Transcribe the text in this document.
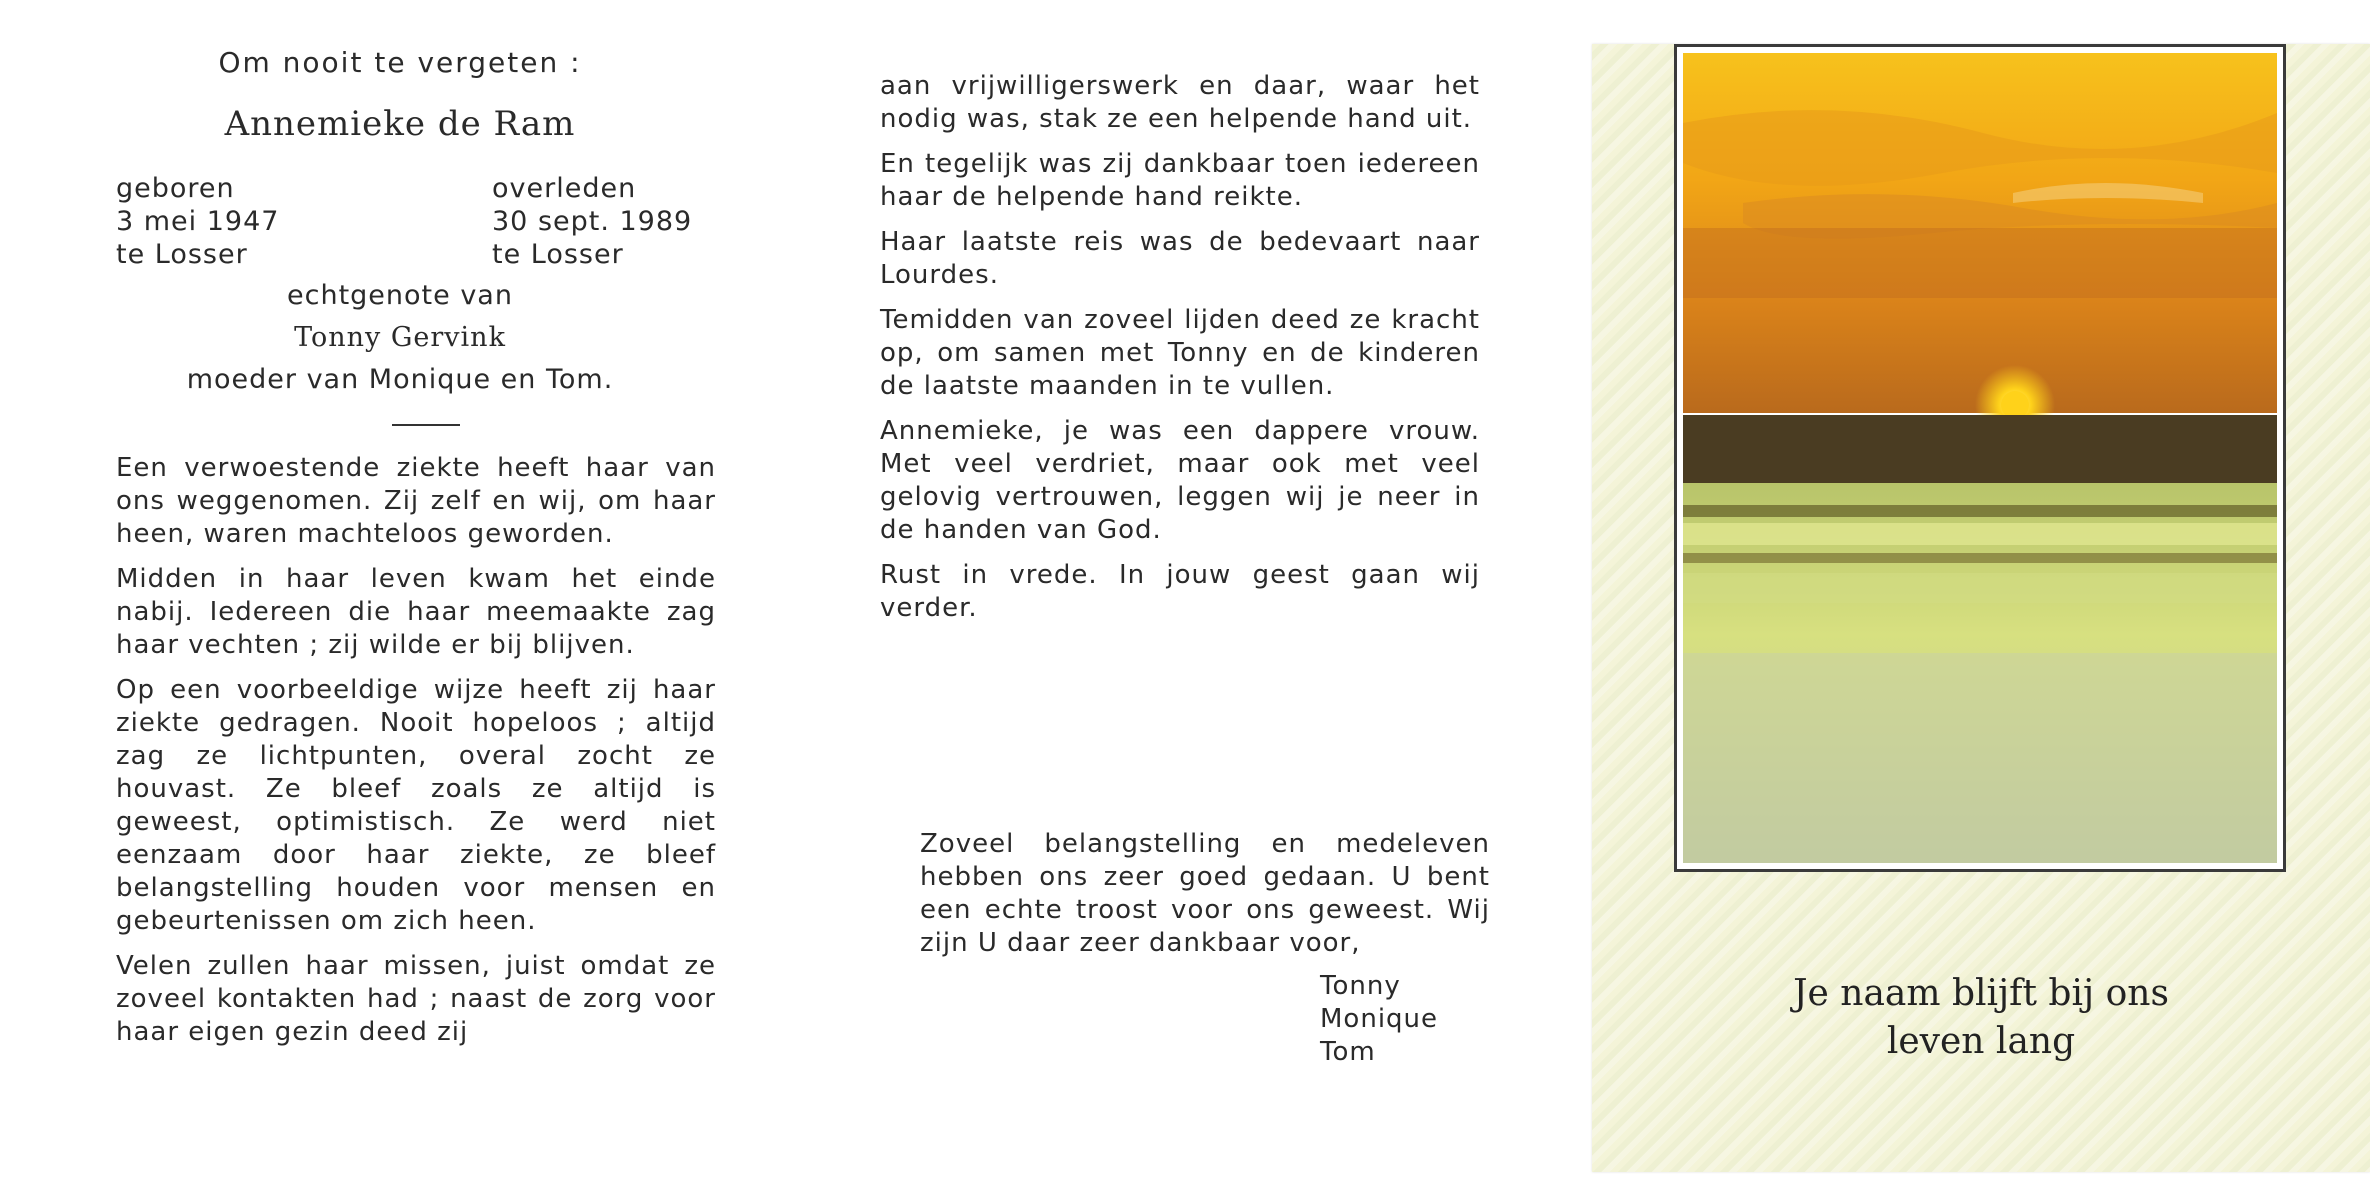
Om nooit te vergeten :
Annemieke de Ram
geboren
3 mei 1947
te Losser
overleden
30 sept. 1989
te Losser
echtgenote van
Tonny Gervink
moeder van Monique en Tom.

Een verwoestende ziekte heeft haar van ons weggenomen. Zij zelf en wij, om haar heen, waren machteloos geworden.

Midden in haar leven kwam het einde nabij. Iedereen die haar meemaakte zag haar vechten ; zij wilde er bij blijven.

Op een voorbeeldige wijze heeft zij haar ziekte gedragen. Nooit hopeloos ; altijd zag ze lichtpunten, overal zocht ze houvast. Ze bleef zoals ze altijd is geweest, optimistisch. Ze werd niet eenzaam door haar ziekte, ze bleef belangstelling houden voor mensen en gebeurtenissen om zich heen.

Velen zullen haar missen, juist omdat ze zoveel kontakten had ; naast de zorg voor haar eigen gezin deed zij

aan vrijwilligerswerk en daar, waar het nodig was, stak ze een helpende hand uit.

En tegelijk was zij dankbaar toen iedereen haar de helpende hand reikte.

Haar laatste reis was de bedevaart naar Lourdes.

Temidden van zoveel lijden deed ze kracht op, om samen met Tonny en de kinderen de laatste maanden in te vullen.

Annemieke, je was een dappere vrouw. Met veel verdriet, maar ook met veel gelovig vertrouwen, leggen wij je neer in de handen van God.

Rust in vrede. In jouw geest gaan wij verder.

Zoveel belangstelling en medeleven hebben ons zeer goed gedaan. U bent een echte troost voor ons geweest. Wij zijn U daar zeer dankbaar voor,
Tonny
Monique
Tom
Je naam blijft bij ons
leven lang
